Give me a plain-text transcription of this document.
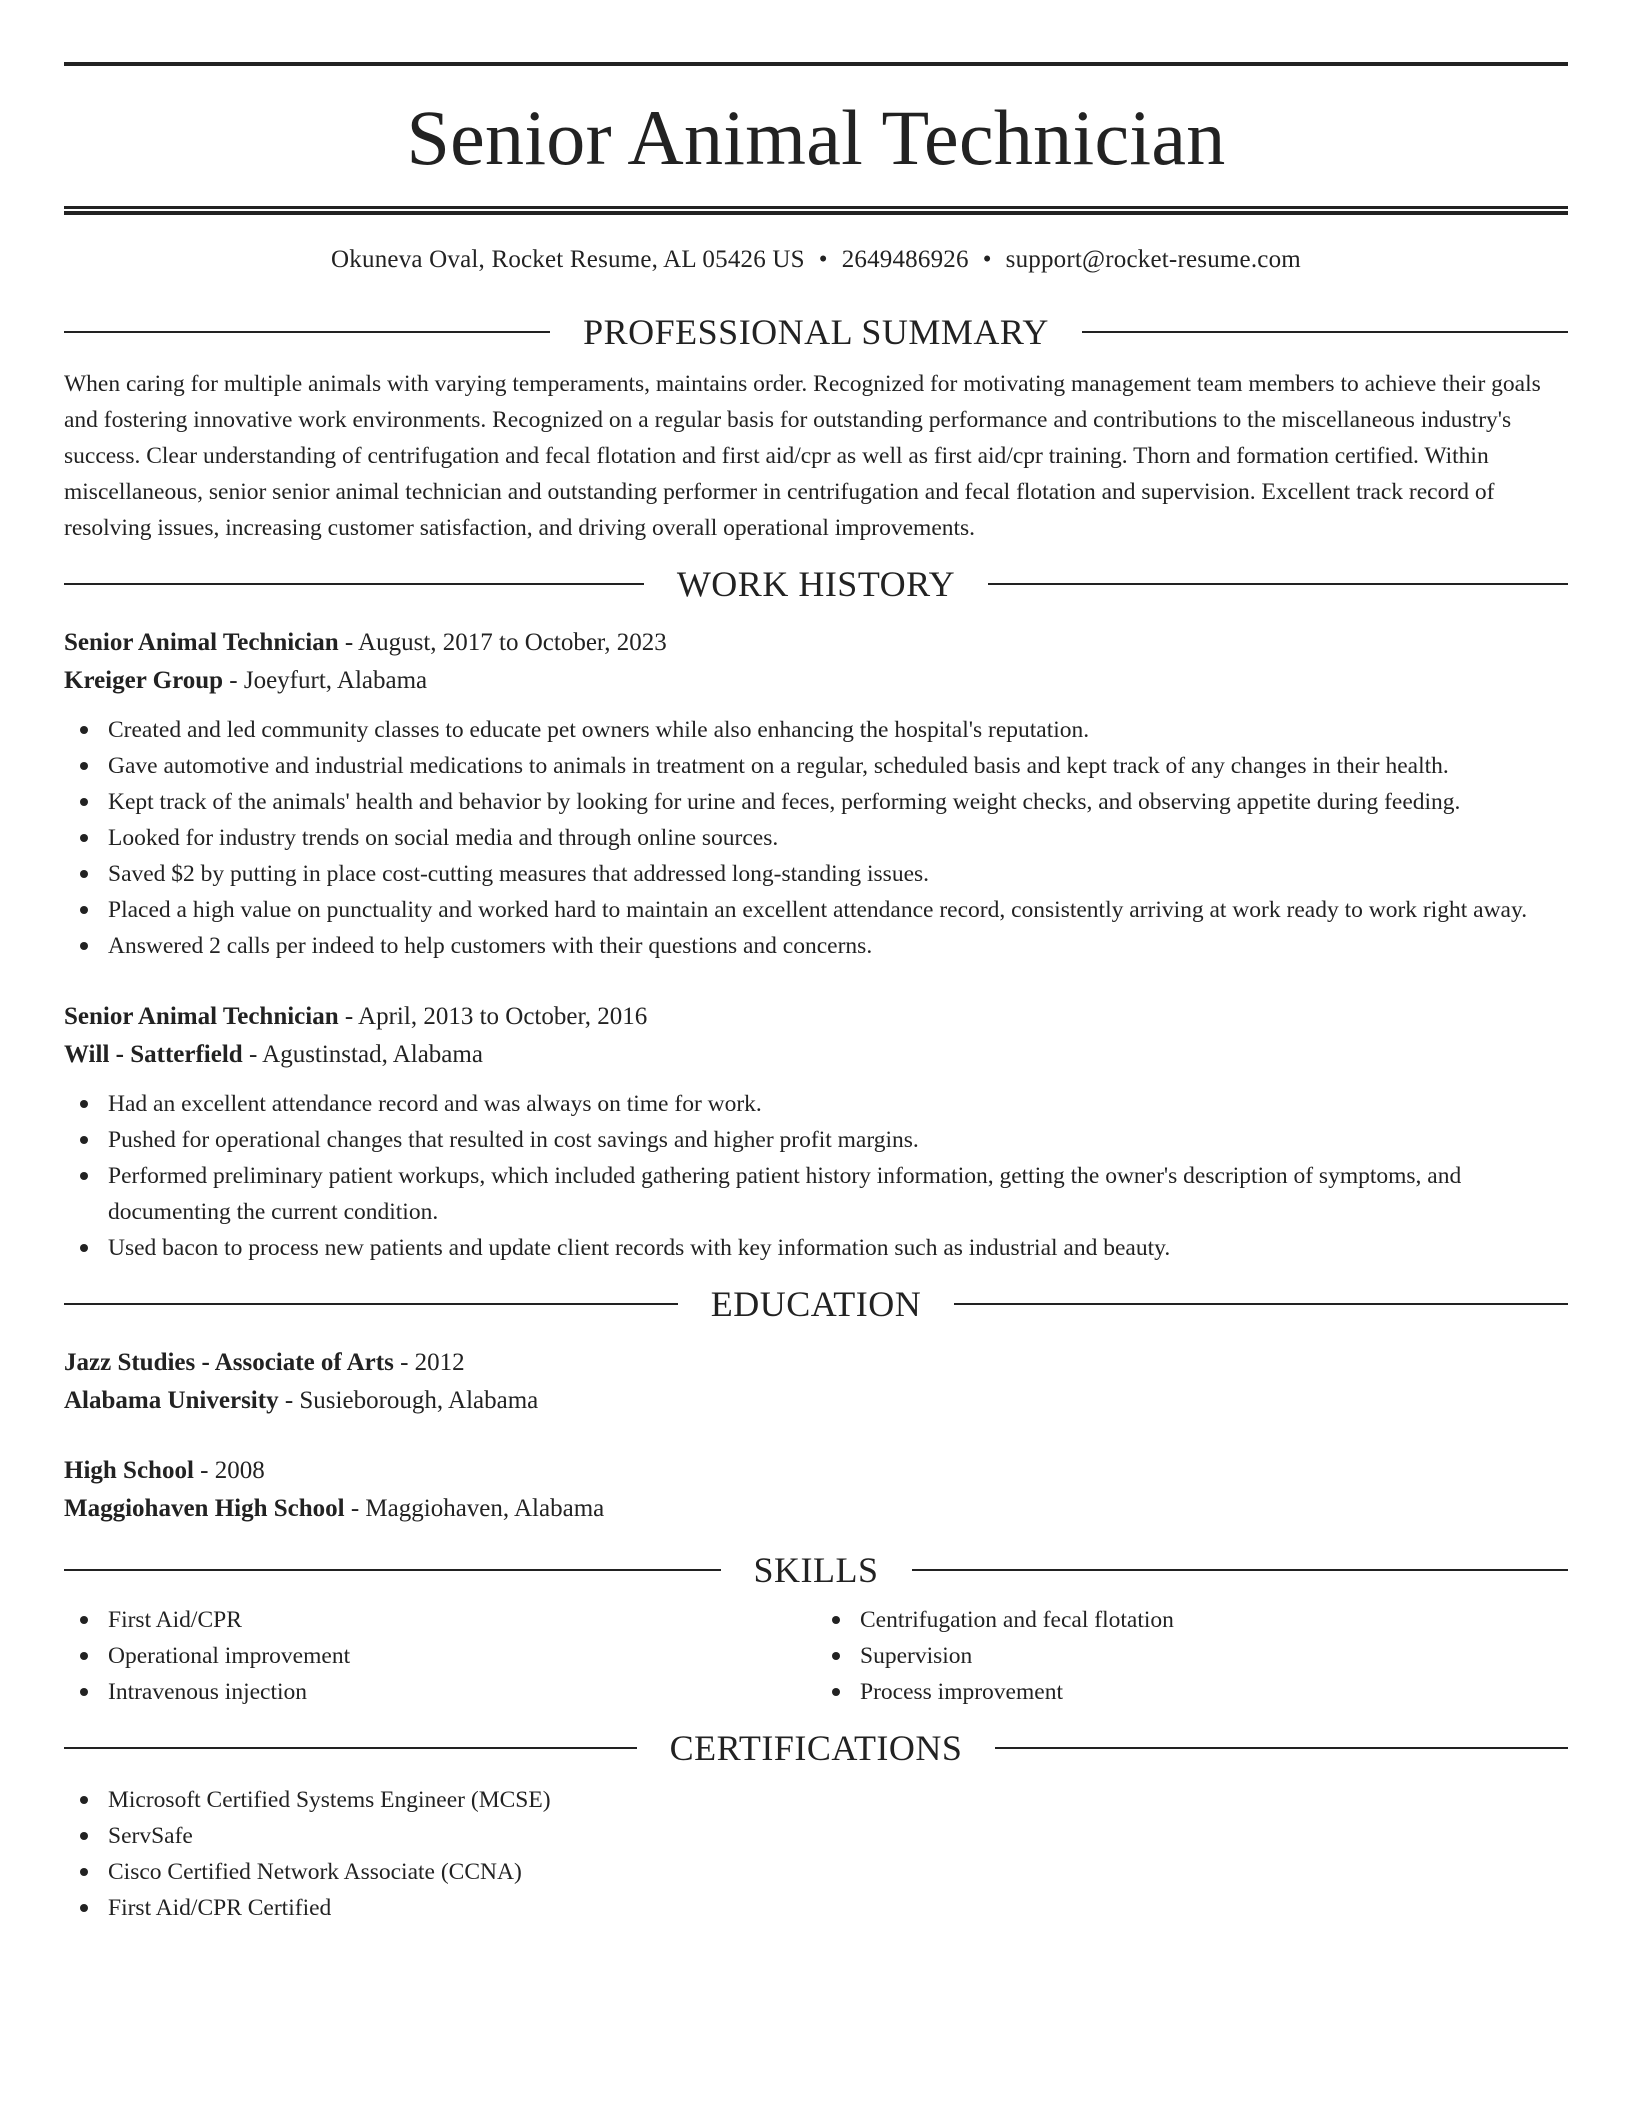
Senior Animal Technician
Okuneva Oval, Rocket Resume, AL 05426 US • 2649486926 • support@rocket-resume.com
PROFESSIONAL SUMMARY

When caring for multiple animals with varying temperaments, maintains order. Recognized for motivating management team members to achieve their goals and fostering innovative work environments. Recognized on a regular basis for outstanding performance and contributions to the miscellaneous industry's success. Clear understanding of centrifugation and fecal flotation and first aid/cpr as well as first aid/cpr training. Thorn and formation certified. Within miscellaneous, senior senior animal technician and outstanding performer in centrifugation and fecal flotation and supervision. Excellent track record of resolving issues, increasing customer satisfaction, and driving overall operational improvements.

WORK HISTORY
Senior Animal Technician - August, 2017 to October, 2023
Kreiger Group - Joeyfurt, Alabama
Created and led community classes to educate pet owners while also enhancing the hospital's reputation.
Gave automotive and industrial medications to animals in treatment on a regular, scheduled basis and kept track of any changes in their health.
Kept track of the animals' health and behavior by looking for urine and feces, performing weight checks, and observing appetite during feeding.
Looked for industry trends on social media and through online sources.
Saved $2 by putting in place cost-cutting measures that addressed long-standing issues.
Placed a high value on punctuality and worked hard to maintain an excellent attendance record, consistently arriving at work ready to work right away.
Answered 2 calls per indeed to help customers with their questions and concerns.
Senior Animal Technician - April, 2013 to October, 2016
Will - Satterfield - Agustinstad, Alabama
Had an excellent attendance record and was always on time for work.
Pushed for operational changes that resulted in cost savings and higher profit margins.
Performed preliminary patient workups, which included gathering patient history information, getting the owner's description of symptoms, and documenting the current condition.
Used bacon to process new patients and update client records with key information such as industrial and beauty.
EDUCATION
Jazz Studies - Associate of Arts - 2012
Alabama University - Susieborough, Alabama
High School - 2008
Maggiohaven High School - Maggiohaven, Alabama
SKILLS
First Aid/CPR
Operational improvement
Intravenous injection
Centrifugation and fecal flotation
Supervision
Process improvement
CERTIFICATIONS
Microsoft Certified Systems Engineer (MCSE)
ServSafe
Cisco Certified Network Associate (CCNA)
First Aid/CPR Certified
